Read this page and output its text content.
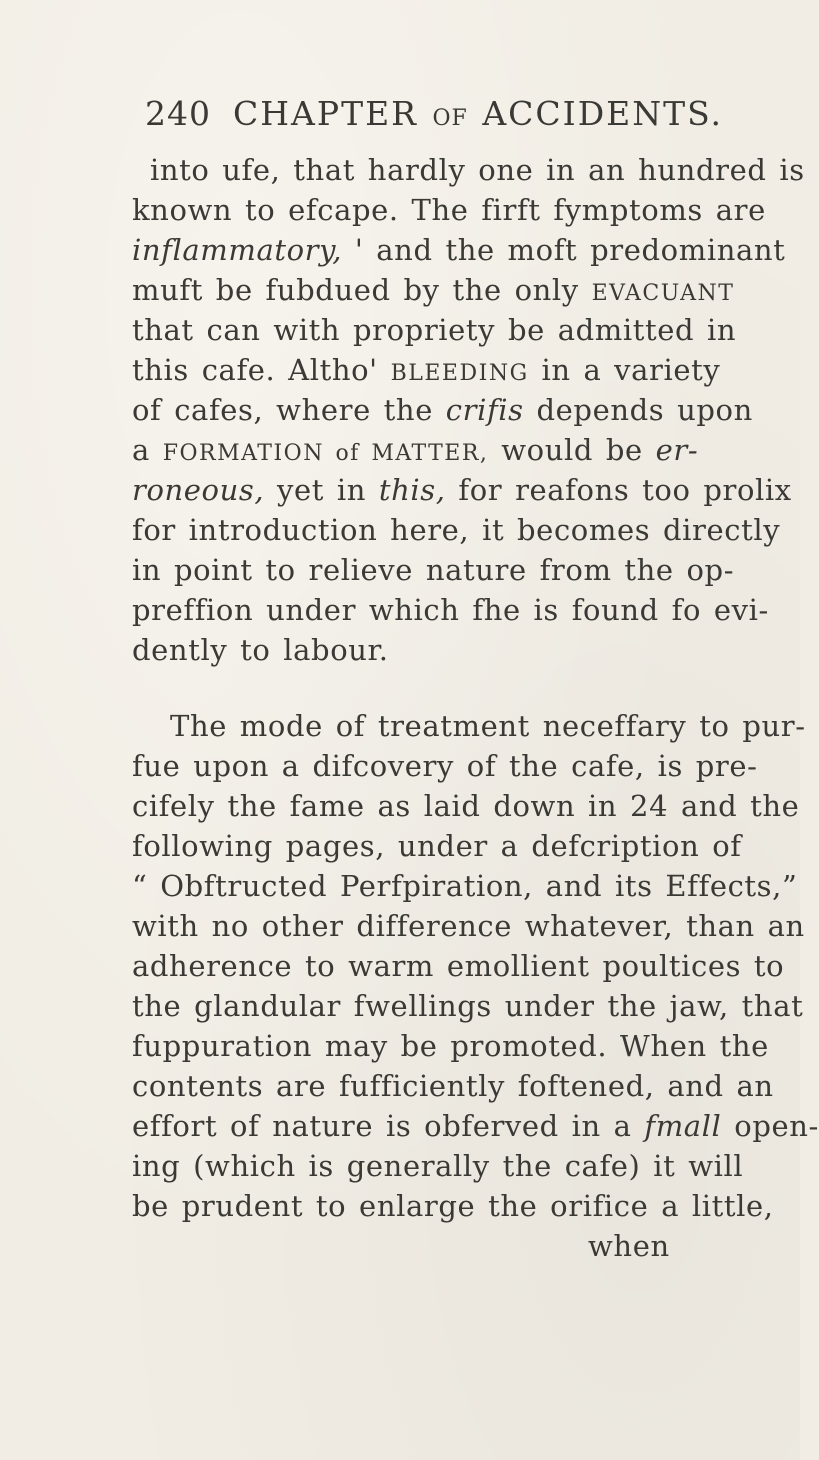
240 CHAPTER OF ACCIDENTS.
into ufe, that hardly one in an hundred is
known to efcape. The firft fymptoms are
inflammatory, ' and the moft predominant
muft be fubdued by the only EVACUANT
that can with propriety be admitted in
this cafe. Altho' BLEEDING in a variety
of cafes, where the crifis depends upon
a FORMATION of MATTER, would be er-
roneous, yet in this, for reafons too prolix
for introduction here, it becomes directly
in point to relieve nature from the op-
preffion under which fhe is found fo evi-
dently to labour.
The mode of treatment neceffary to pur-
fue upon a difcovery of the cafe, is pre-
cifely the fame as laid down in 24 and the
following pages, under a defcription of
“ Obftructed Perfpiration, and its Effects,”
with no other difference whatever, than an
adherence to warm emollient poultices to
the glandular fwellings under the jaw, that
fuppuration may be promoted. When the
contents are fufficiently foftened, and an
effort of nature is obferved in a fmall open-
ing (which is generally the cafe) it will
be prudent to enlarge the orifice a little,
when
